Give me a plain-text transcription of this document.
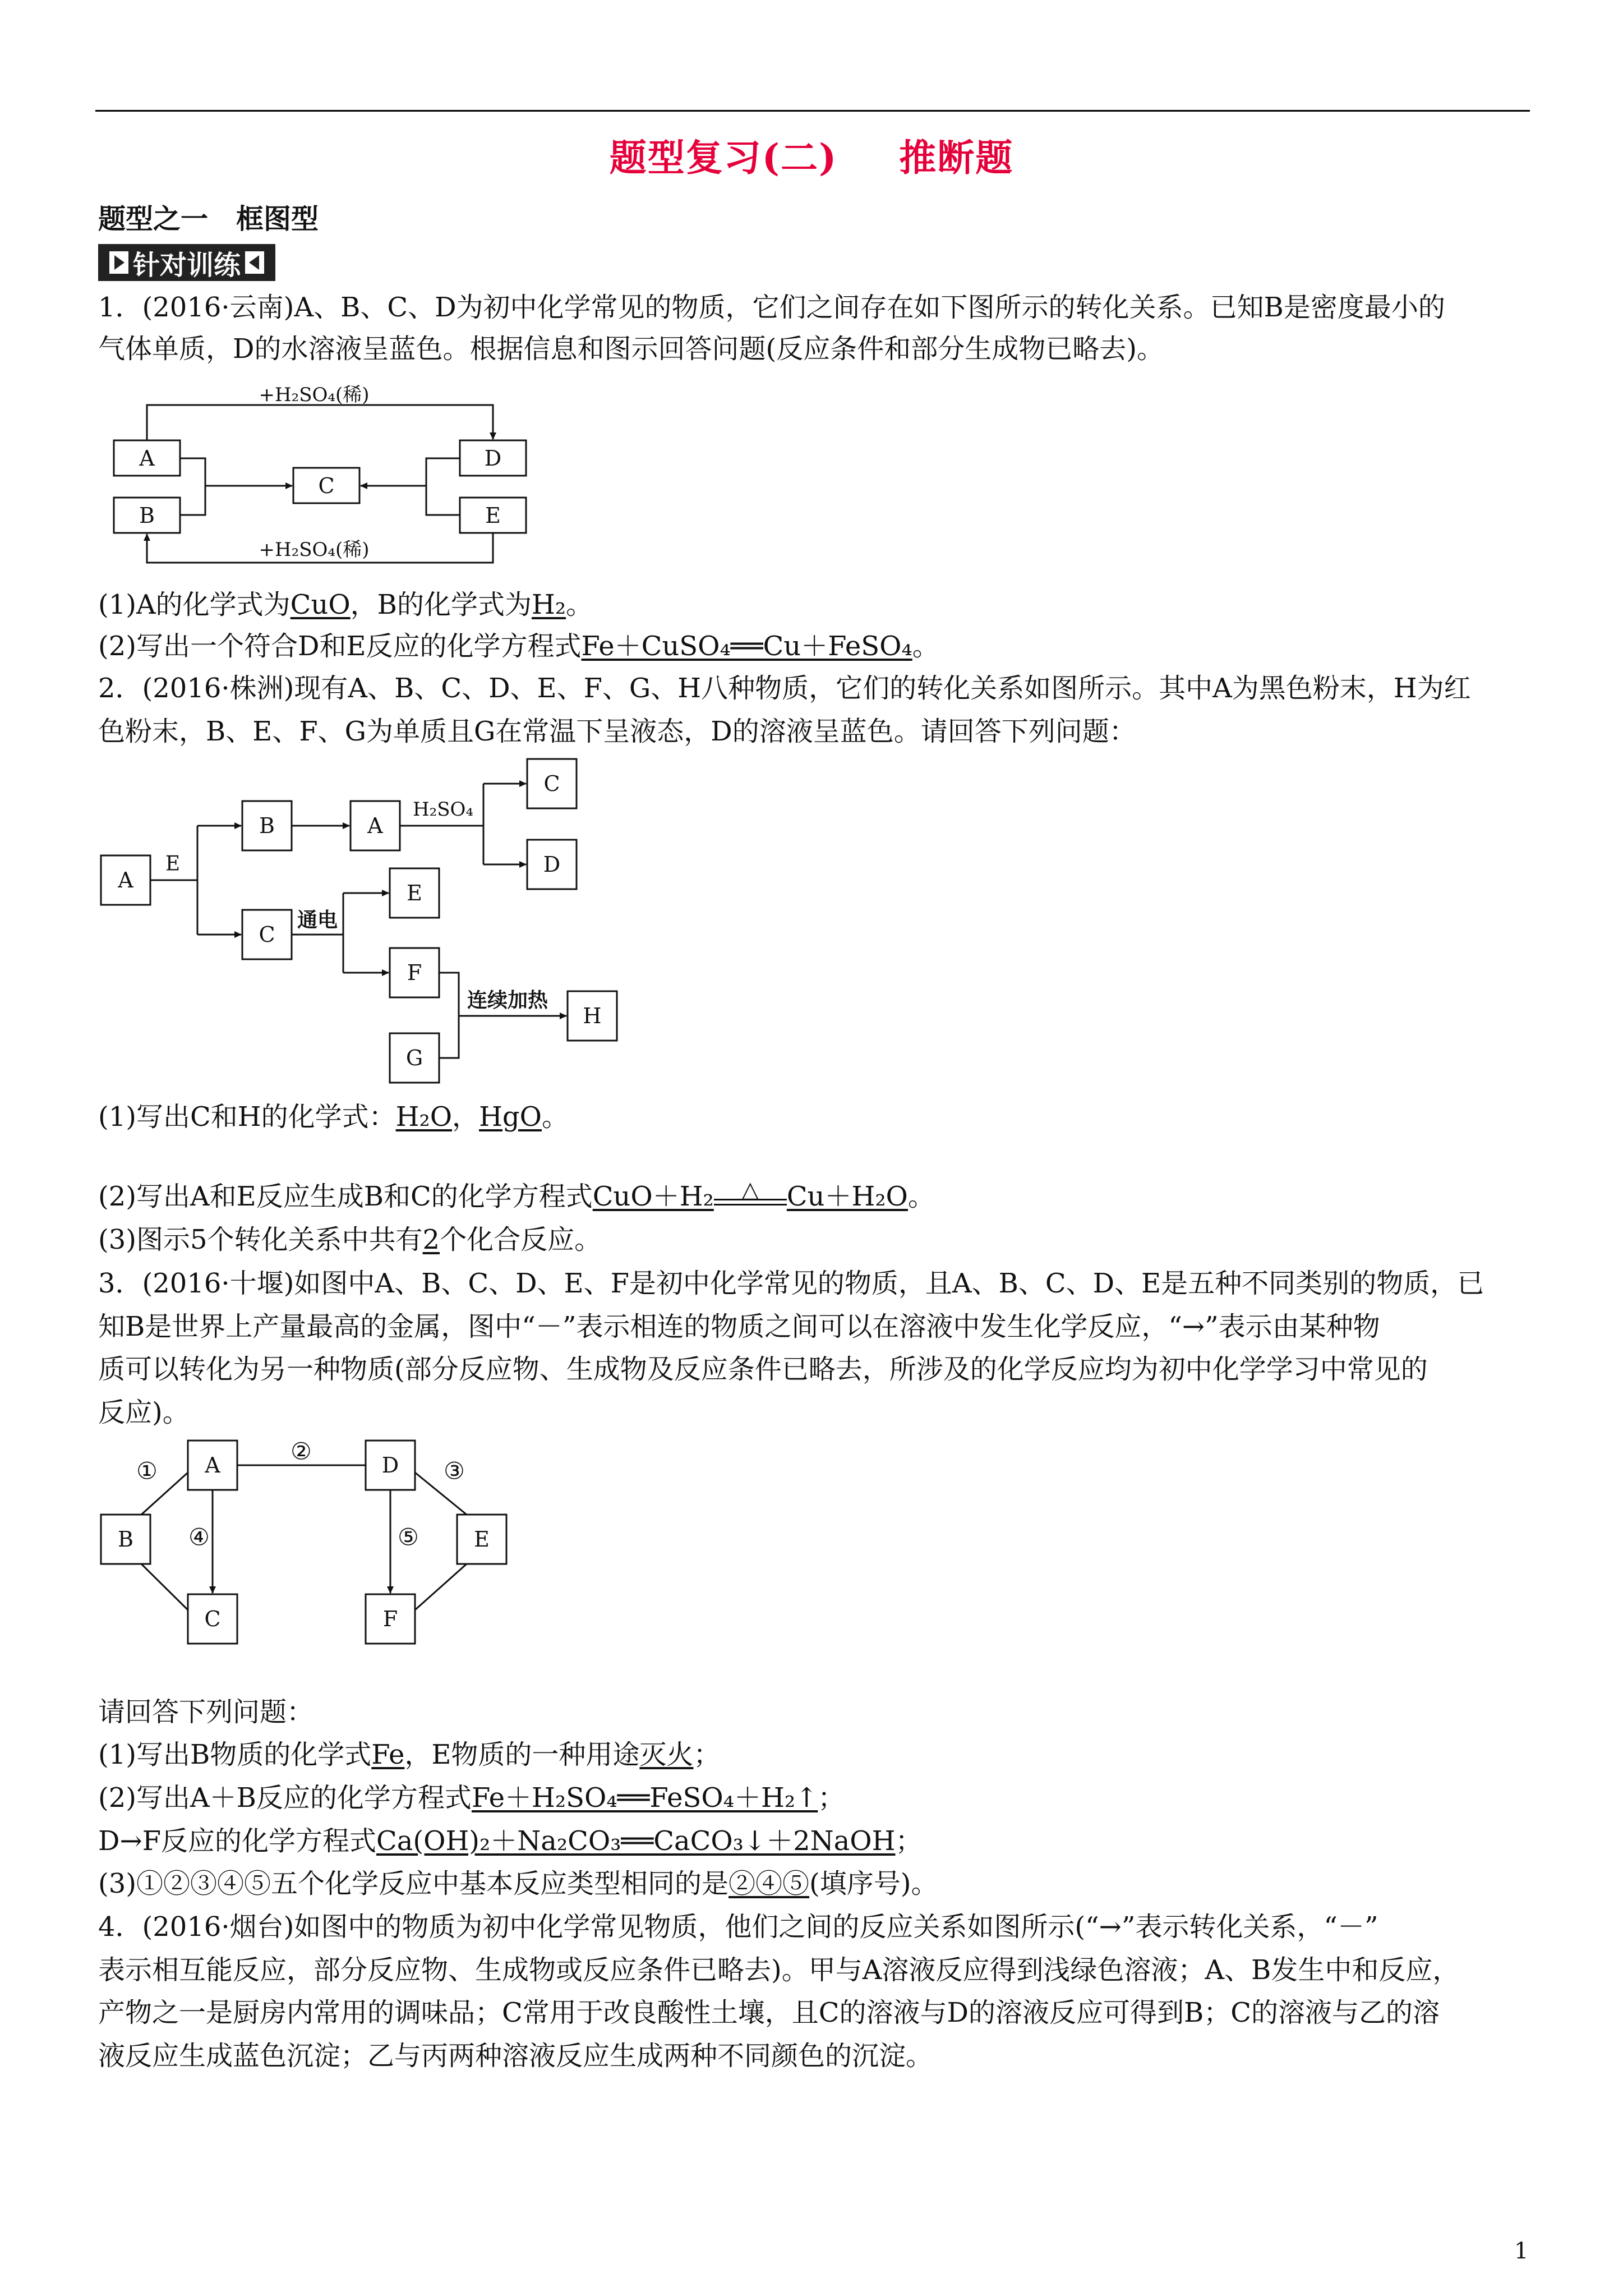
题型复习(二) 推断题
题型之一 框图型
针对训练
1．(2016·云南)A、B、C、D为初中化学常见的物质，它们之间存在如下图所示的转化关系。已知B是密度最小的
气体单质，D的水溶液呈蓝色。根据信息和图示回答问题(反应条件和部分生成物已略去)。
A
B
C
D
E
+H₂SO₄(稀)
+H₂SO₄(稀)
A
B	A
C
D
C
E
F
G
H
E
H₂SO₄
通电
连续加热
A	D
B	E
C	F
①
②
③
④	⑤
(1)A的化学式为CuO，B的化学式为H₂。
(2)写出一个符合D和E反应的化学方程式Fe＋CuSO₄══Cu＋FeSO₄。
2．(2016·株洲)现有A、B、C、D、E、F、G、H八种物质，它们的转化关系如图所示。其中A为黑色粉末，H为红
色粉末，B、E、F、G为单质且G在常温下呈液态，D的溶液呈蓝色。请回答下列问题：
(1)写出C和H的化学式：H₂O，HgO。
(2)写出A和E反应生成B和C的化学方程式CuO＋H₂	△	Cu＋H₂O。
(3)图示5个转化关系中共有2个化合反应。
3．(2016·十堰)如图中A、B、C、D、E、F是初中化学常见的物质，且A、B、C、D、E是五种不同类别的物质，已
知B是世界上产量最高的金属，图中“－”表示相连的物质之间可以在溶液中发生化学反应，“→”表示由某种物
质可以转化为另一种物质(部分反应物、生成物及反应条件已略去，所涉及的化学反应均为初中化学学习中常见的
反应)。
请回答下列问题：
(1)写出B物质的化学式Fe，E物质的一种用途灭火；
(2)写出A＋B反应的化学方程式Fe＋H₂SO₄══FeSO₄＋H₂↑；
D→F反应的化学方程式Ca(OH)₂＋Na₂CO₃══CaCO₃↓＋2NaOH；
(3)①②③④⑤五个化学反应中基本反应类型相同的是②④⑤(填序号)。
4．(2016·烟台)如图中的物质为初中化学常见物质，他们之间的反应关系如图所示(“→”表示转化关系，“－”
表示相互能反应，部分反应物、生成物或反应条件已略去)。甲与A溶液反应得到浅绿色溶液；A、B发生中和反应，
产物之一是厨房内常用的调味品；C常用于改良酸性土壤，且C的溶液与D的溶液反应可得到B；C的溶液与乙的溶
液反应生成蓝色沉淀；乙与丙两种溶液反应生成两种不同颜色的沉淀。
1
